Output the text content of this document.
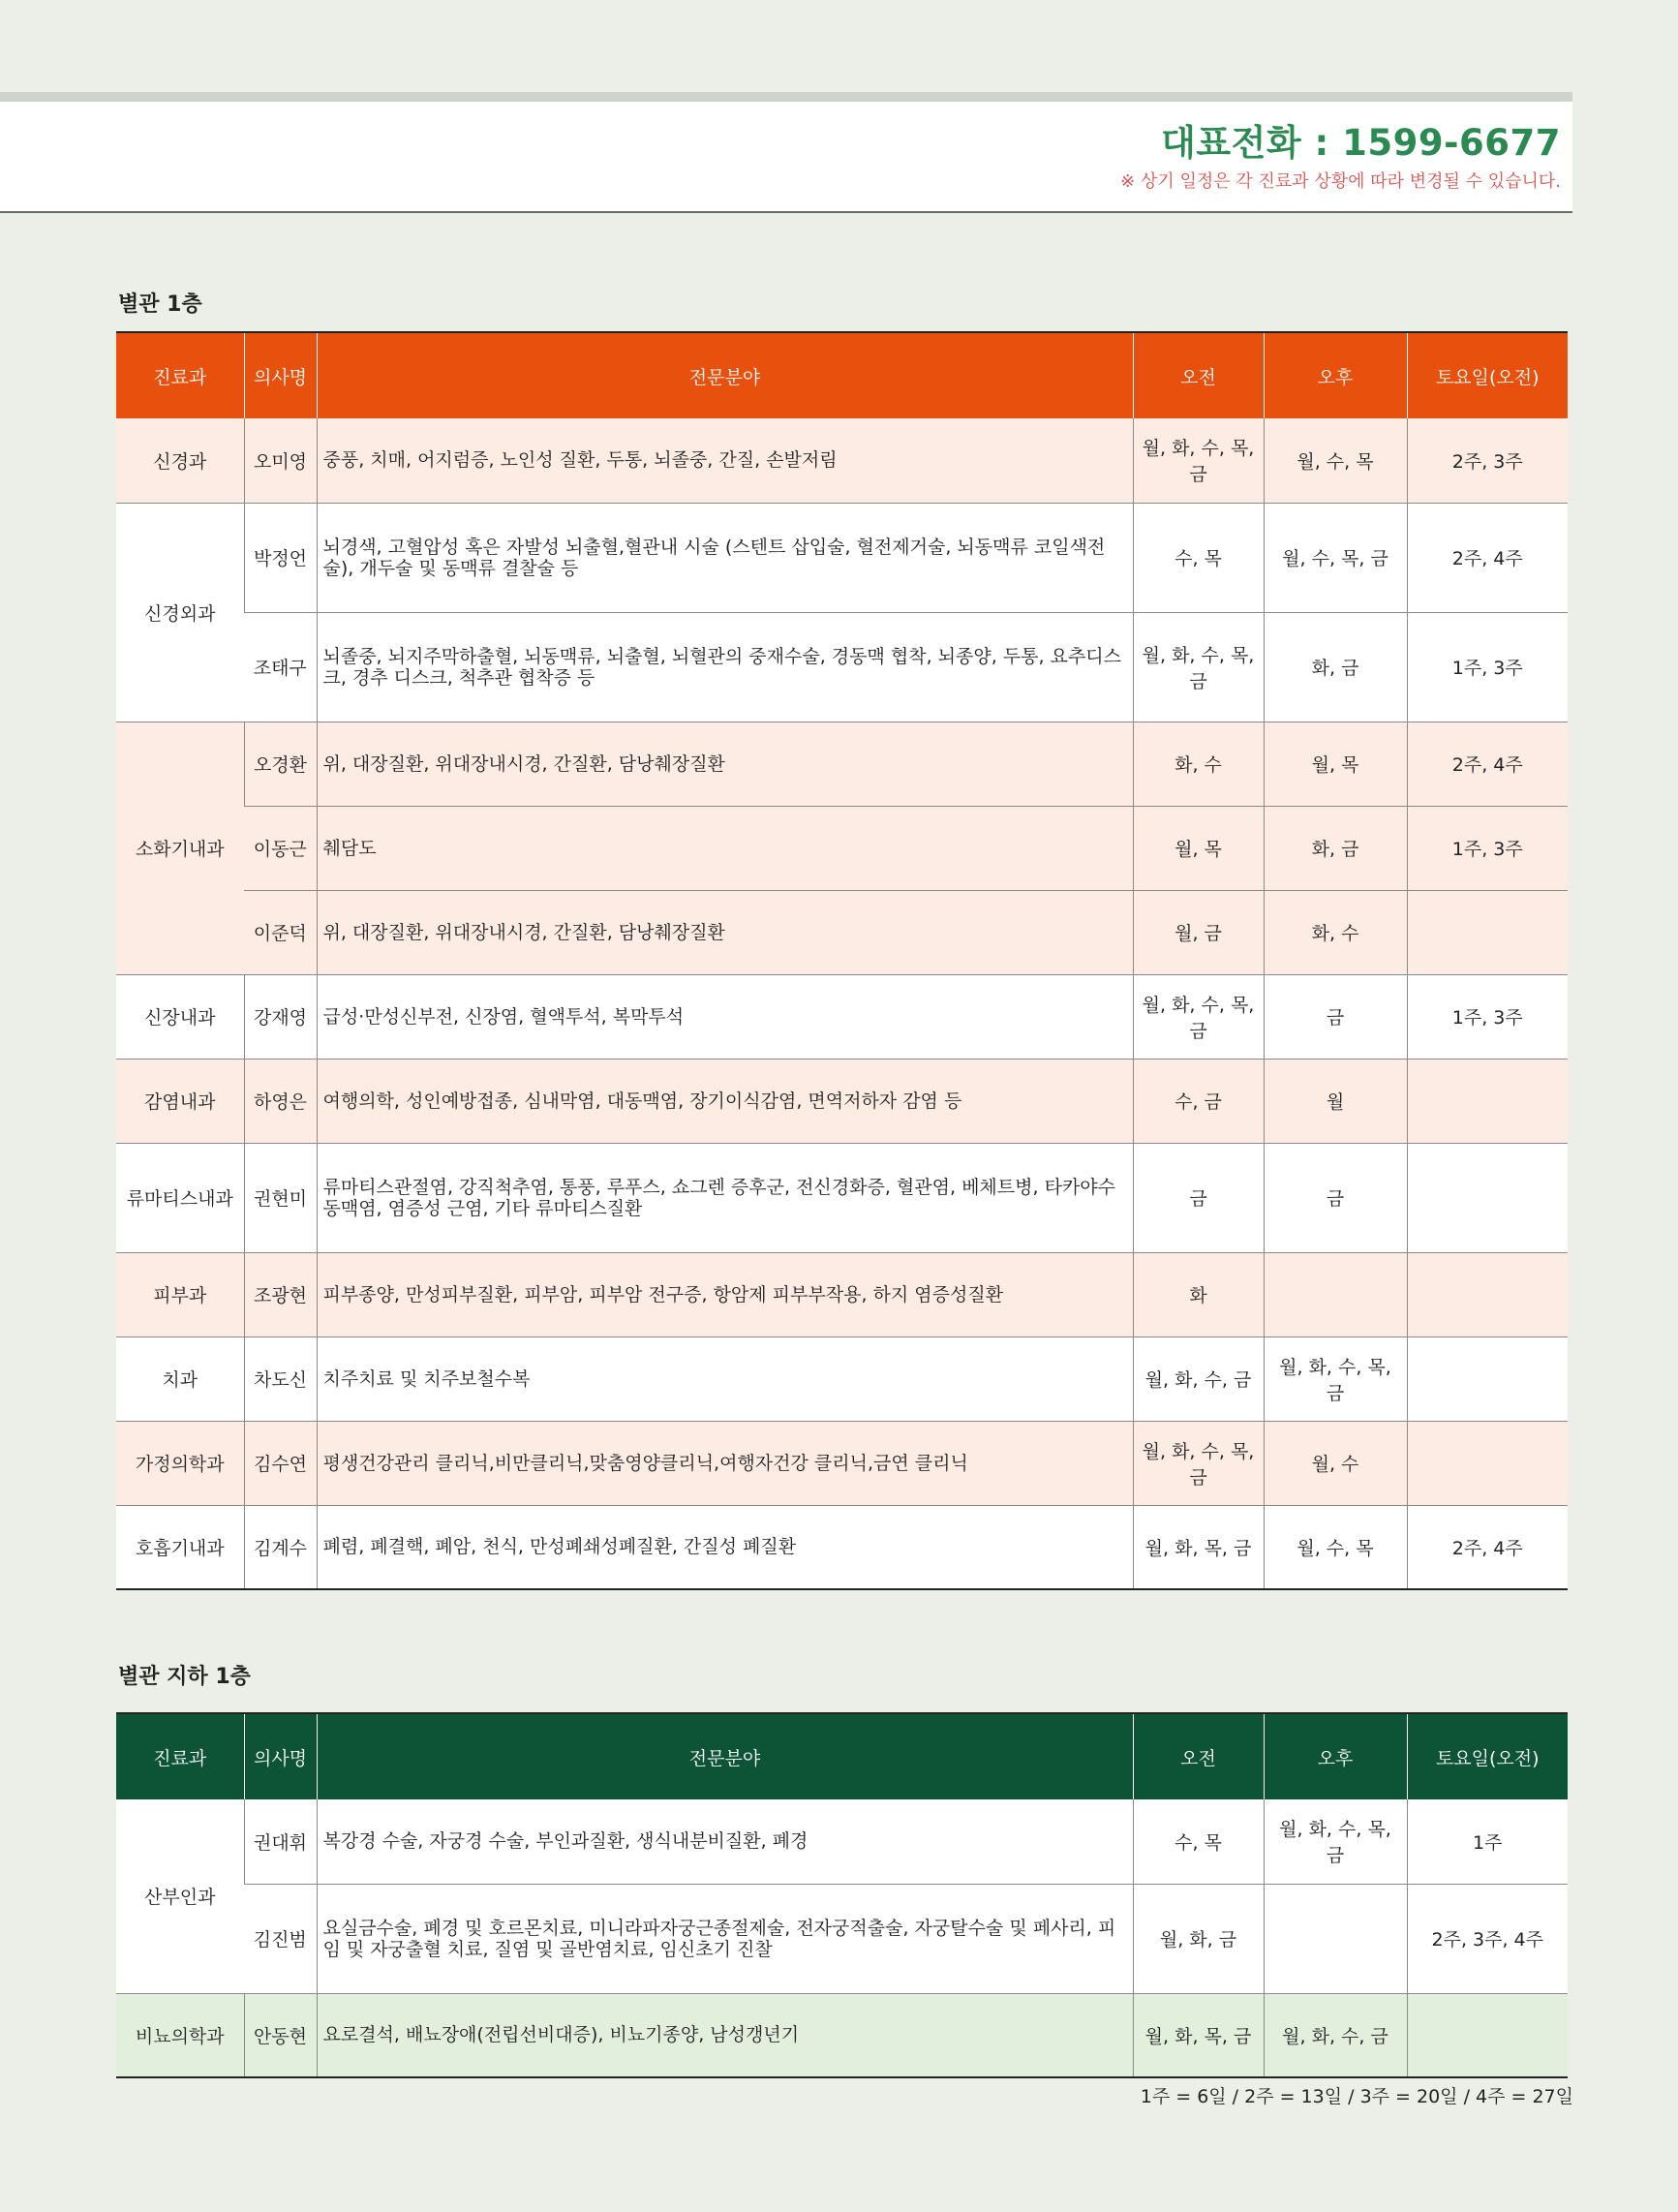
대표전화 : 1599-6677
※ 상기 일정은 각 진료과 상황에 따라 변경될 수 있습니다.
별관 1층
진료과	의사명	전문분야	오전	오후	토요일(오전)
신경과	오미영	중풍, 치매, 어지럼증, 노인성 질환, 두통, 뇌졸중, 간질, 손발저림	월, 화, 수, 목, 금	월, 수, 목	2주, 3주
신경외과	박정언	뇌경색, 고혈압성 혹은 자발성 뇌출혈,혈관내 시술 (스텐트 삽입술, 혈전제거술, 뇌동맥류 코일색전술), 개두술 및 동맥류 결찰술 등	수, 목	월, 수, 목, 금	2주, 4주
	조태구	뇌졸중, 뇌지주막하출혈, 뇌동맥류, 뇌출혈, 뇌혈관의 중재수술, 경동맥 협착, 뇌종양, 두통, 요추디스크, 경추 디스크, 척추관 협착증 등	월, 화, 수, 목, 금	화, 금	1주, 3주
소화기내과	오경환	위, 대장질환, 위대장내시경, 간질환, 담낭췌장질환	화, 수	월, 목	2주, 4주
	이동근	췌담도	월, 목	화, 금	1주, 3주
	이준덕	위, 대장질환, 위대장내시경, 간질환, 담낭췌장질환	월, 금	화, 수	
신장내과	강재영	급성·만성신부전, 신장염, 혈액투석, 복막투석	월, 화, 수, 목, 금	금	1주, 3주
감염내과	하영은	여행의학, 성인예방접종, 심내막염, 대동맥염, 장기이식감염, 면역저하자 감염 등	수, 금	월	
류마티스내과	권현미	류마티스관절염, 강직척추염, 통풍, 루푸스, 쇼그렌 증후군, 전신경화증, 혈관염, 베체트병, 타카야수 동맥염, 염증성 근염, 기타 류마티스질환	금	금	
피부과	조광현	피부종양, 만성피부질환, 피부암, 피부암 전구증, 항암제 피부부작용, 하지 염증성질환	화		
치과	차도신	치주치료 및 치주보철수복	월, 화, 수, 금	월, 화, 수, 목, 금	
가정의학과	김수연	평생건강관리 클리닉,비만클리닉,맞춤영양클리닉,여행자건강 클리닉,금연 클리닉	월, 화, 수, 목, 금	월, 수	
호흡기내과	김계수	폐렴, 폐결핵, 폐암, 천식, 만성폐쇄성폐질환, 간질성 폐질환	월, 화, 목, 금	월, 수, 목	2주, 4주
별관 지하 1층
진료과	의사명	전문분야	오전	오후	토요일(오전)
산부인과	권대휘	복강경 수술, 자궁경 수술, 부인과질환, 생식내분비질환, 폐경	수, 목	월, 화, 수, 목, 금	1주
	김진범	요실금수술, 폐경 및 호르몬치료, 미니라파자궁근종절제술, 전자궁적출술, 자궁탈수술 및 페사리, 피임 및 자궁출혈 치료, 질염 및 골반염치료, 임신초기 진찰	월, 화, 금		2주, 3주, 4주
비뇨의학과	안동현	요로결석, 배뇨장애(전립선비대증), 비뇨기종양, 남성갱년기	월, 화, 목, 금	월, 화, 수, 금	
1주 = 6일 / 2주 = 13일 / 3주 = 20일 / 4주 = 27일
